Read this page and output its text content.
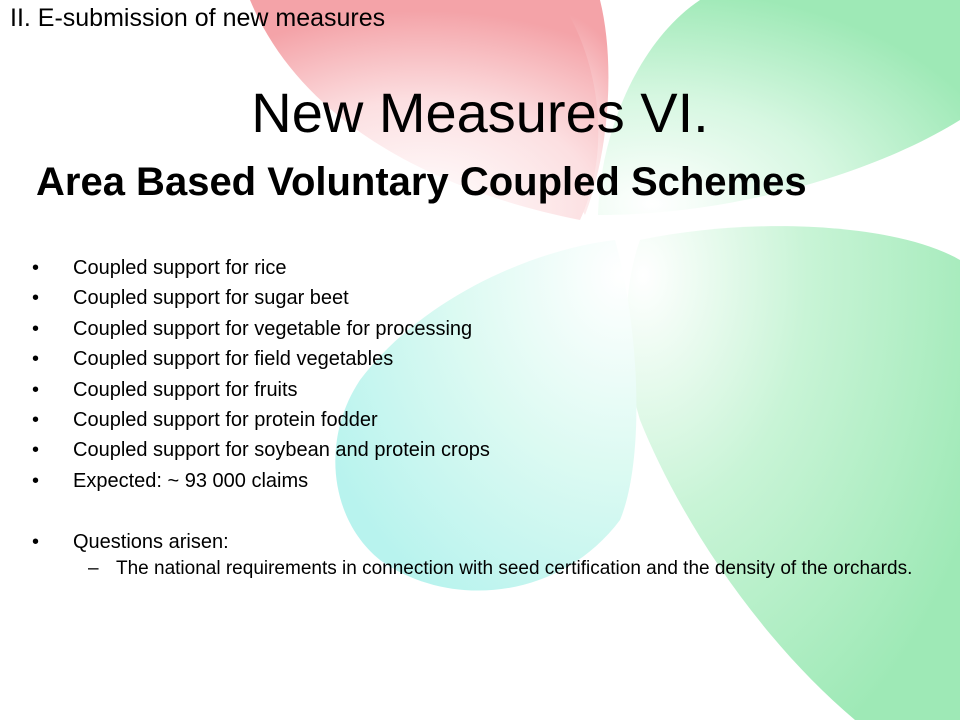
II. E-submission of new measures
New Measures VI.
Area Based Voluntary Coupled Schemes
•	Coupled support for rice
•	Coupled support for sugar beet
•	Coupled support for vegetable for processing
•	Coupled support for field vegetables
•	Coupled support for fruits
•	Coupled support for protein fodder
•	Coupled support for soybean and protein crops
•	Expected: ~ 93 000 claims
• Questions arisen:
– The national requirements in connection with seed certification and the density of the orchards.
